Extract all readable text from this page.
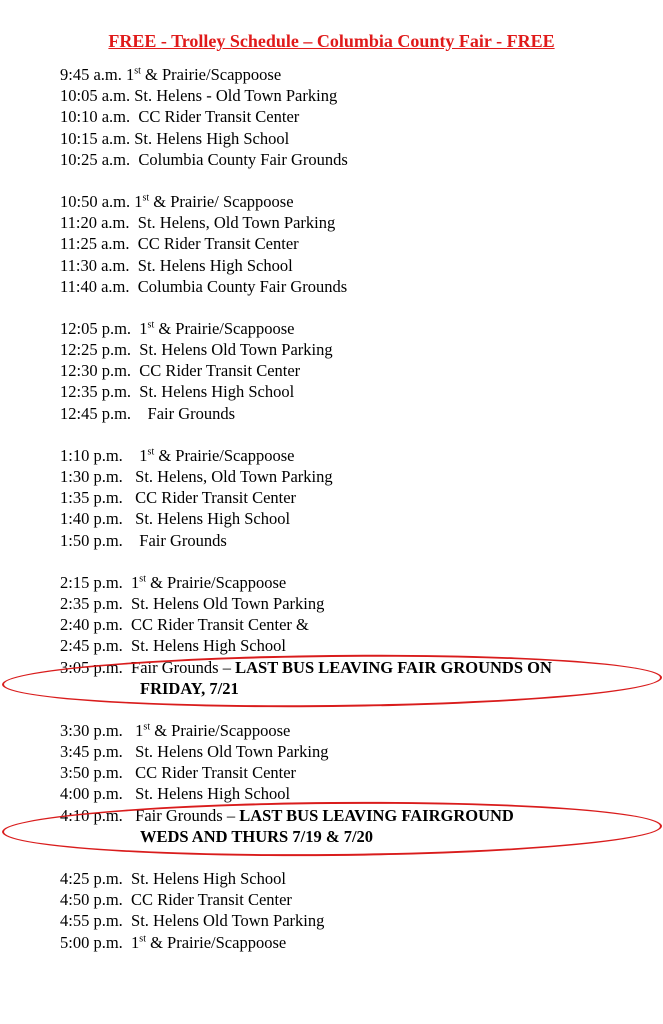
FREE - Trolley Schedule – Columbia County Fair - FREE
9:45 a.m. 1st & Prairie/Scappoose
10:05 a.m. St. Helens - Old Town Parking
10:10 a.m.  CC Rider Transit Center
10:15 a.m. St. Helens High School
10:25 a.m.  Columbia County Fair Grounds
10:50 a.m. 1st & Prairie/ Scappoose
11:20 a.m.  St. Helens, Old Town Parking
11:25 a.m.  CC Rider Transit Center
11:30 a.m.  St. Helens High School
11:40 a.m.  Columbia County Fair Grounds
12:05 p.m.  1st & Prairie/Scappoose
12:25 p.m.  St. Helens Old Town Parking
12:30 p.m.  CC Rider Transit Center
12:35 p.m.  St. Helens High School
12:45 p.m.    Fair Grounds
1:10 p.m.    1st & Prairie/Scappoose
1:30 p.m.   St. Helens, Old Town Parking
1:35 p.m.   CC Rider Transit Center
1:40 p.m.   St. Helens High School
1:50 p.m.    Fair Grounds
2:15 p.m.  1st & Prairie/Scappoose
2:35 p.m.  St. Helens Old Town Parking
2:40 p.m.  CC Rider Transit Center &
2:45 p.m.  St. Helens High School
3:05 p.m.  Fair Grounds – LAST BUS LEAVING FAIR GROUNDS ON
FRIDAY, 7/21
3:30 p.m.   1st & Prairie/Scappoose
3:45 p.m.   St. Helens Old Town Parking
3:50 p.m.   CC Rider Transit Center
4:00 p.m.   St. Helens High School
4:10 p.m.   Fair Grounds – LAST BUS LEAVING FAIRGROUND
WEDS AND THURS 7/19 & 7/20
4:25 p.m.  St. Helens High School
4:50 p.m.  CC Rider Transit Center
4:55 p.m.  St. Helens Old Town Parking
5:00 p.m.  1st & Prairie/Scappoose
